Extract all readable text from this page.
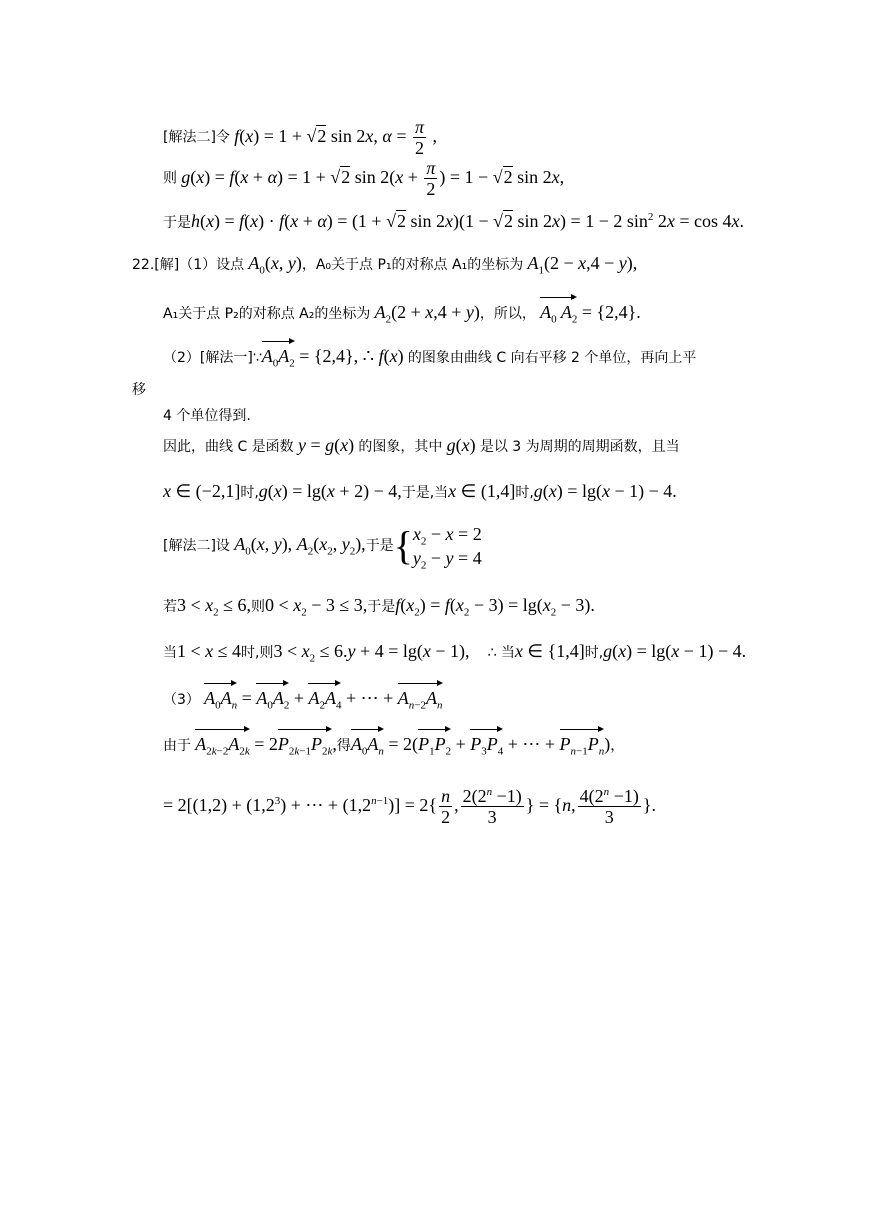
[解法二]令 f(x) = 1 + √2 sin 2x, $\alpha = \frac{\pi}{2}$ ,
则 g(x) = f(x + α) = 1 + √2 $\sin 2(x + \frac{\pi}{2}$ ) = 1 − √2 sin 2x,
于是h(x) = f(x) · f(x + α) = (1 + √2 sin 2x)(1 − √2 sin 2x) = 1 − 2 $\sin^2 2x = \cos 4x$.
22.[解]（1）设点 $A_0(x$, y)，A₀关于点 P₁的对称点 A₁的坐标为 $A_1(2 - x,4 - y)$,
A₁关于点 P₂的对称点 A₂的坐标为 $A_2(2 + x,4 + y)$，所以， $A_0$ $A_2 = \{2,4\}$.
（2）[解法一]$\because A_0A_2 = \{2,4\}$, ∴ f(x) 的图象由曲线 C 向右平移 2 个单位，再向上平
移
4 个单位得到.
因此，曲线 C 是函数 y = g(x) 的图象，其中 g(x) 是以 3 为周期的周期函数，且当
x ∈ (−2,1]时,g(x) = lg(x + 2) − 4,于是,当x ∈ (1,4]时,g(x) = lg(x − 1) − 4.
[解法二]设 $A_0(x$, y), $A_2(x_2$, $y_2$),于是{ $x_2 - x = 2$
$y_2 - y = 4$
若$3 < x_2 \le 6$,则$0 < x_2 - 3 \le 3$,于是$f(x_2) = f(x_2 - 3) = \lg(x_2 - 3)$.
当1 < x ≤ 4时,则$3 < x_2 \le 6.y + 4 = \lg(x - 1)$,    ∴ 当x ∈ {1,4]时,g(x) = lg(x − 1) − 4.
（3） $A_0A_n = A_0A_2 + A_2A_4$ + ⋯ + $A_{n-2}A_n$
由于 $A_{2k-2}A_{2k} = 2P_{2k-1}P_{2k}$,得$A_0A_n = 2(P_1P_2 + P_3P_4$ + ⋯ + $P_{n-1}P_n$)，
= $2[(1,2) + (1,2^3)$ + ⋯ + $(1,2^{n-1})] = 2\{ \frac{n}{2}$ , $\frac{2(2^n -1)}{3}$ } = {n, $\frac{4(2^n -1)}{3}$ }.
